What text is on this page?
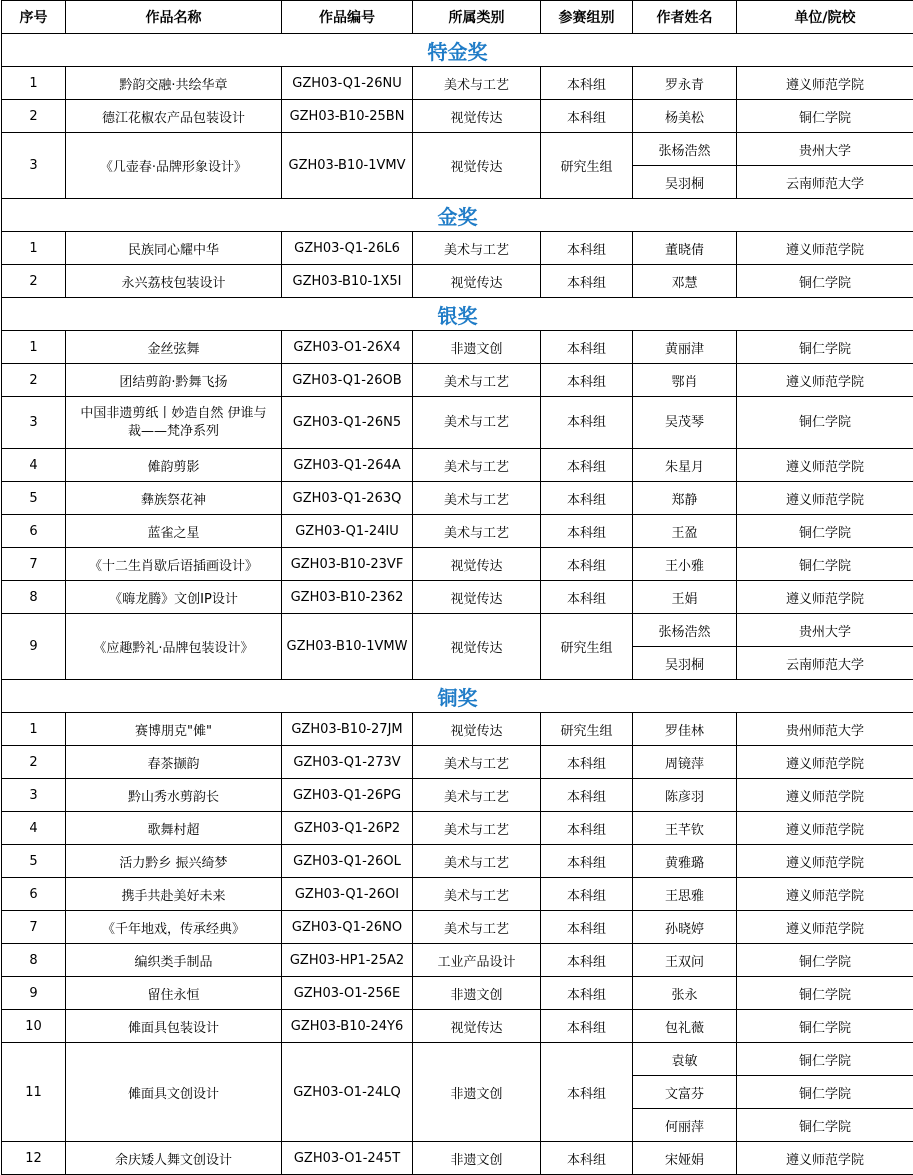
序号	作品名称	作品编号	所属类别	参赛组别	作者姓名	单位/院校
特金奖						
1	黔韵交融·共绘华章	GZH03-Q1-26NU	美术与工艺	本科组	罗永青	遵义师范学院
2	德江花椒农产品包装设计	GZH03-B10-25BN	视觉传达	本科组	杨美松	铜仁学院
3	《几壶春·品牌形象设计》	GZH03-B10-1VMV	视觉传达	研究生组	张杨浩然	贵州大学
					吴羽桐	云南师范大学
金奖						
1	民族同心耀中华	GZH03-Q1-26L6	美术与工艺	本科组	董晓倩	遵义师范学院
2	永兴荔枝包装设计	GZH03-B10-1X5I	视觉传达	本科组	邓慧	铜仁学院
银奖						
1	金丝弦舞	GZH03-O1-26X4	非遗文创	本科组	黄丽津	铜仁学院
2	团结剪韵·黔舞飞扬	GZH03-Q1-26OB	美术与工艺	本科组	鄂肖	遵义师范学院
3	中国非遗剪纸丨妙造自然 伊谁与裁——梵净系列	GZH03-Q1-26N5	美术与工艺	本科组	吴茂琴	铜仁学院
4	傩韵剪影	GZH03-Q1-264A	美术与工艺	本科组	朱星月	遵义师范学院
5	彝族祭花神	GZH03-Q1-263Q	美术与工艺	本科组	郑静	遵义师范学院
6	蓝雀之星	GZH03-Q1-24IU	美术与工艺	本科组	王盈	铜仁学院
7	《十二生肖歇后语插画设计》	GZH03-B10-23VF	视觉传达	本科组	王小雅	铜仁学院
8	《嗨龙腾》文创IP设计	GZH03-B10-2362	视觉传达	本科组	王娟	遵义师范学院
9	《应趣黔礼·品牌包装设计》	GZH03-B10-1VMW	视觉传达	研究生组	张杨浩然	贵州大学
					吴羽桐	云南师范大学
铜奖						
1	赛博朋克"傩"	GZH03-B10-27JM	视觉传达	研究生组	罗佳林	贵州师范大学
2	春茶撷韵	GZH03-Q1-273V	美术与工艺	本科组	周镜萍	遵义师范学院
3	黔山秀水剪韵长	GZH03-Q1-26PG	美术与工艺	本科组	陈彦羽	遵义师范学院
4	歌舞村超	GZH03-Q1-26P2	美术与工艺	本科组	王芊钦	遵义师范学院
5	活力黔乡 振兴绮梦	GZH03-Q1-26OL	美术与工艺	本科组	黄雅璐	遵义师范学院
6	携手共赴美好未来	GZH03-Q1-26OI	美术与工艺	本科组	王思雅	遵义师范学院
7	《千年地戏，传承经典》	GZH03-Q1-26NO	美术与工艺	本科组	孙晓婷	遵义师范学院
8	编织类手制品	GZH03-HP1-25A2	工业产品设计	本科组	王双问	铜仁学院
9	留住永恒	GZH03-O1-256E	非遗文创	本科组	张永	铜仁学院
10	傩面具包装设计	GZH03-B10-24Y6	视觉传达	本科组	包礼薇	铜仁学院
11	傩面具文创设计	GZH03-O1-24LQ	非遗文创	本科组	袁敏	铜仁学院
					文富芬	铜仁学院
					何丽萍	铜仁学院
12	余庆矮人舞文创设计	GZH03-O1-245T	非遗文创	本科组	宋娅娟	遵义师范学院
